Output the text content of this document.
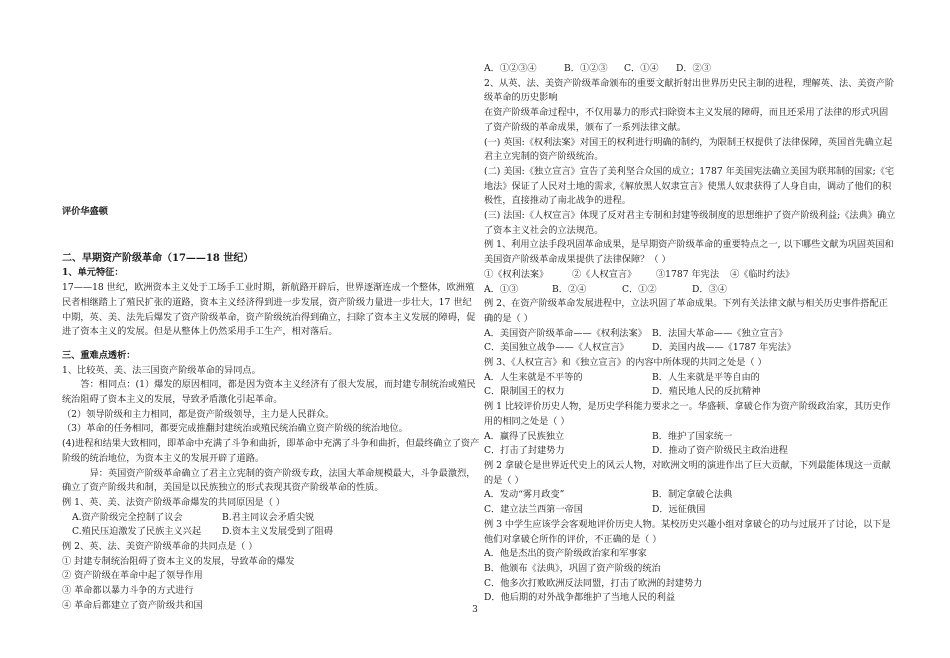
评价华盛顿

二、早期资产阶级革命（17——18 世纪）

1、单元特征：

17——18 世纪，欧洲资本主义处于工场手工业时期，新航路开辟后，世界逐渐连成一个整体，欧洲殖民者相继踏上了殖民扩张的道路，资本主义经济得到进一步发展，资产阶级力量进一步壮大，17 世纪中期，英、美、法先后爆发了资产阶级革命，资产阶级统治得到确立，扫除了资本主义发展的障碍，促进了资本主义的发展。但是从整体上仍然采用手工生产，相对落后。

三、重难点透析：

1、比较英、美、法三国资产阶级革命的异同点。

答：相同点：(1）爆发的原因相同，都是因为资本主义经济有了很大发展，而封建专制统治或殖民统治阻碍了资本主义的发展，导致矛盾激化引起革命。

（2）领导阶级和主力相同，都是资产阶级领导，主力是人民群众。

（3）革命的任务相同，都要完成推翻封建统治或殖民统治确立资产阶级的统治地位。

(4)进程和结果大致相同，即革命中充满了斗争和曲折，即革命中充满了斗争和曲折，但最终确立了资产阶级的统治地位，为资本主义的发展开辟了道路。

异：英国资产阶级革命确立了君主立宪制的资产阶级专政，法国大革命规模最大，斗争最激烈，确立了资产阶级共和制，美国是以民族独立的形式表现其资产阶级革命的性质。

例 1、英、美、法资产阶级革命爆发的共同原因是（ ）

A.资产阶级完全控制了议会	B.君主同议会矛盾尖锐

C.殖民压迫激发了民族主义兴起	D.资本主义发展受到了阻碍

例 2、英、法、美资产阶级革命的共同点是（ ）

① 封建专制统治阻碍了资本主义的发展，导致革命的爆发

② 资产阶级在革命中起了领导作用

③ 革命都以暴力斗争的方式进行

④ 革命后都建立了资产阶级共和国

A．①②③④	B．①②③	C．①④	D．②③

2、从英、法、美资产阶级革命颁布的重要文献折射出世界历史民主制的进程，理解英、法、美资产阶级革命的历史影响

在资产阶级革命过程中，不仅用暴力的形式扫除资本主义发展的障碍，而且还采用了法律的形式巩固了资产阶级的革命成果，颁布了一系列法律文献。

(一) 英国:《权利法案》对国王的权利进行明确的制约，为限制王权提供了法律保障，英国首先确立起君主立宪制的资产阶级统治。

(二) 美国:《独立宣言》宣告了美利坚合众国的成立；1787 年美国宪法确立美国为联邦制的国家;《宅地法》保证了人民对土地的需求,《解放黑人奴隶宣言》使黑人奴隶获得了人身自由，调动了他们的积极性，直接推动了南北战争的进程。

(三) 法国:《人权宣言》体现了反对君主专制和封建等级制度的思想维护了资产阶级利益;《法典》确立了资本主义社会的立法规范。

例 1、利用立法手段巩固革命成果，是早期资产阶级革命的重要特点之一, 以下哪些文献为巩固英国和美国资产阶级革命成果提供了法律保障？（ ）

①《权利法案》	②《人权宣言》	③1787 年宪法	④《临时约法》

A．①③	B．②④	C．①②	D．③④

例 2、在资产阶级革命发展进程中，立法巩固了革命成果。下列有关法律文献与相关历史事件搭配正确的是（ ）

A．美国资产阶级革命——《权利法案》 B．法国大革命——《独立宣言》

C．美国独立战争——《人权宣言》	D．美国内战——《1787 年宪法》

例 3、《人权宣言》和《独立宣言》的内容中所体现的共同之处是（ ）

A．人生来就是不平等的	B．人生来就是平等自由的

C．限制国王的权力	D．殖民地人民的反抗精神

例 1 比较评价历史人物，是历史学科能力要求之一。华盛顿、拿破仑作为资产阶级政治家，其历史作用的相同之处是（ ）

A．赢得了民族独立	B．维护了国家统一

C．打击了封建势力	D．推动了资产阶级民主政治进程

例 2 拿破仑是世界近代史上的风云人物，对欧洲文明的演进作出了巨大贡献，下列最能体现这一贡献的是（ ）

A．发动“雾月政变”	B．制定拿破仑法典

C．建立法兰西第一帝国	D．远征俄国

例 3 中学生应该学会客观地评价历史人物。某校历史兴趣小组对拿破仑的功与过展开了讨论，以下是他们对拿破仑所作的评价，不正确的是（ ）

A．他是杰出的资产阶级政治家和军事家

B．他颁布《法典》，巩固了资产阶级的统治

C．他多次打败欧洲反法同盟，打击了欧洲的封建势力

D．他后期的对外战争都维护了当地人民的利益

3
